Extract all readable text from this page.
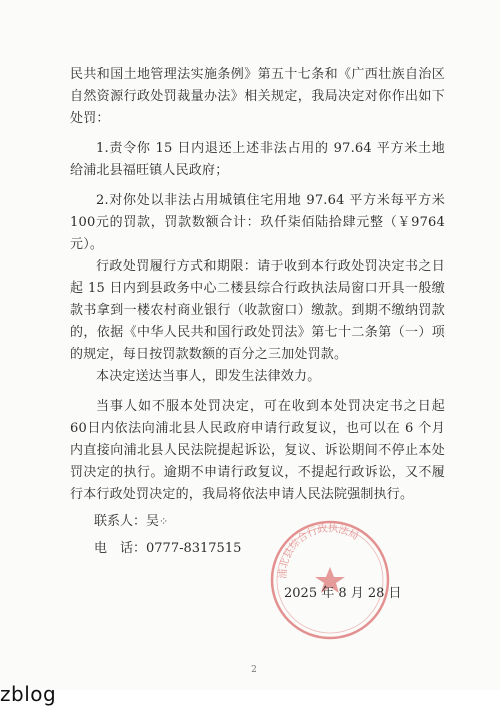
民共和国土地管理法实施条例》第五十七条和《广西壮族自治区自然资源行政处罚裁量办法》相关规定，我局决定对你作出如下处罚：

1.责令你 15 日内退还上述非法占用的 97.64 平方米土地给浦北县福旺镇人民政府；

2.对你处以非法占用城镇住宅用地 97.64 平方米每平方米 100元的罚款，罚款数额合计：玖仟柒佰陆拾肆元整（￥9764元）。

行政处罚履行方式和期限：请于收到本行政处罚决定书之日起 15 日内到县政务中心二楼县综合行政执法局窗口开具一般缴款书拿到一楼农村商业银行（收款窗口）缴款。到期不缴纳罚款的，依据《中华人民共和国行政处罚法》第七十二条第（一）项的规定，每日按罚款数额的百分之三加处罚款。

本决定送达当事人，即发生法律效力。

当事人如不服本处罚决定，可在收到本处罚决定书之日起 60日内依法向浦北县人民政府申请行政复议，也可以在 6 个月内直接向浦北县人民法院提起诉讼，复议、诉讼期间不停止本处罚决定的执行。逾期不申请行政复议，不提起行政诉讼，又不履行本行政处罚决定的，我局将依法申请人民法院强制执行。

联系人：吴⁘
电　话：0777-8317515
浦北县综合行政执法局
2025 年 8 月 28 日
2
zblog
